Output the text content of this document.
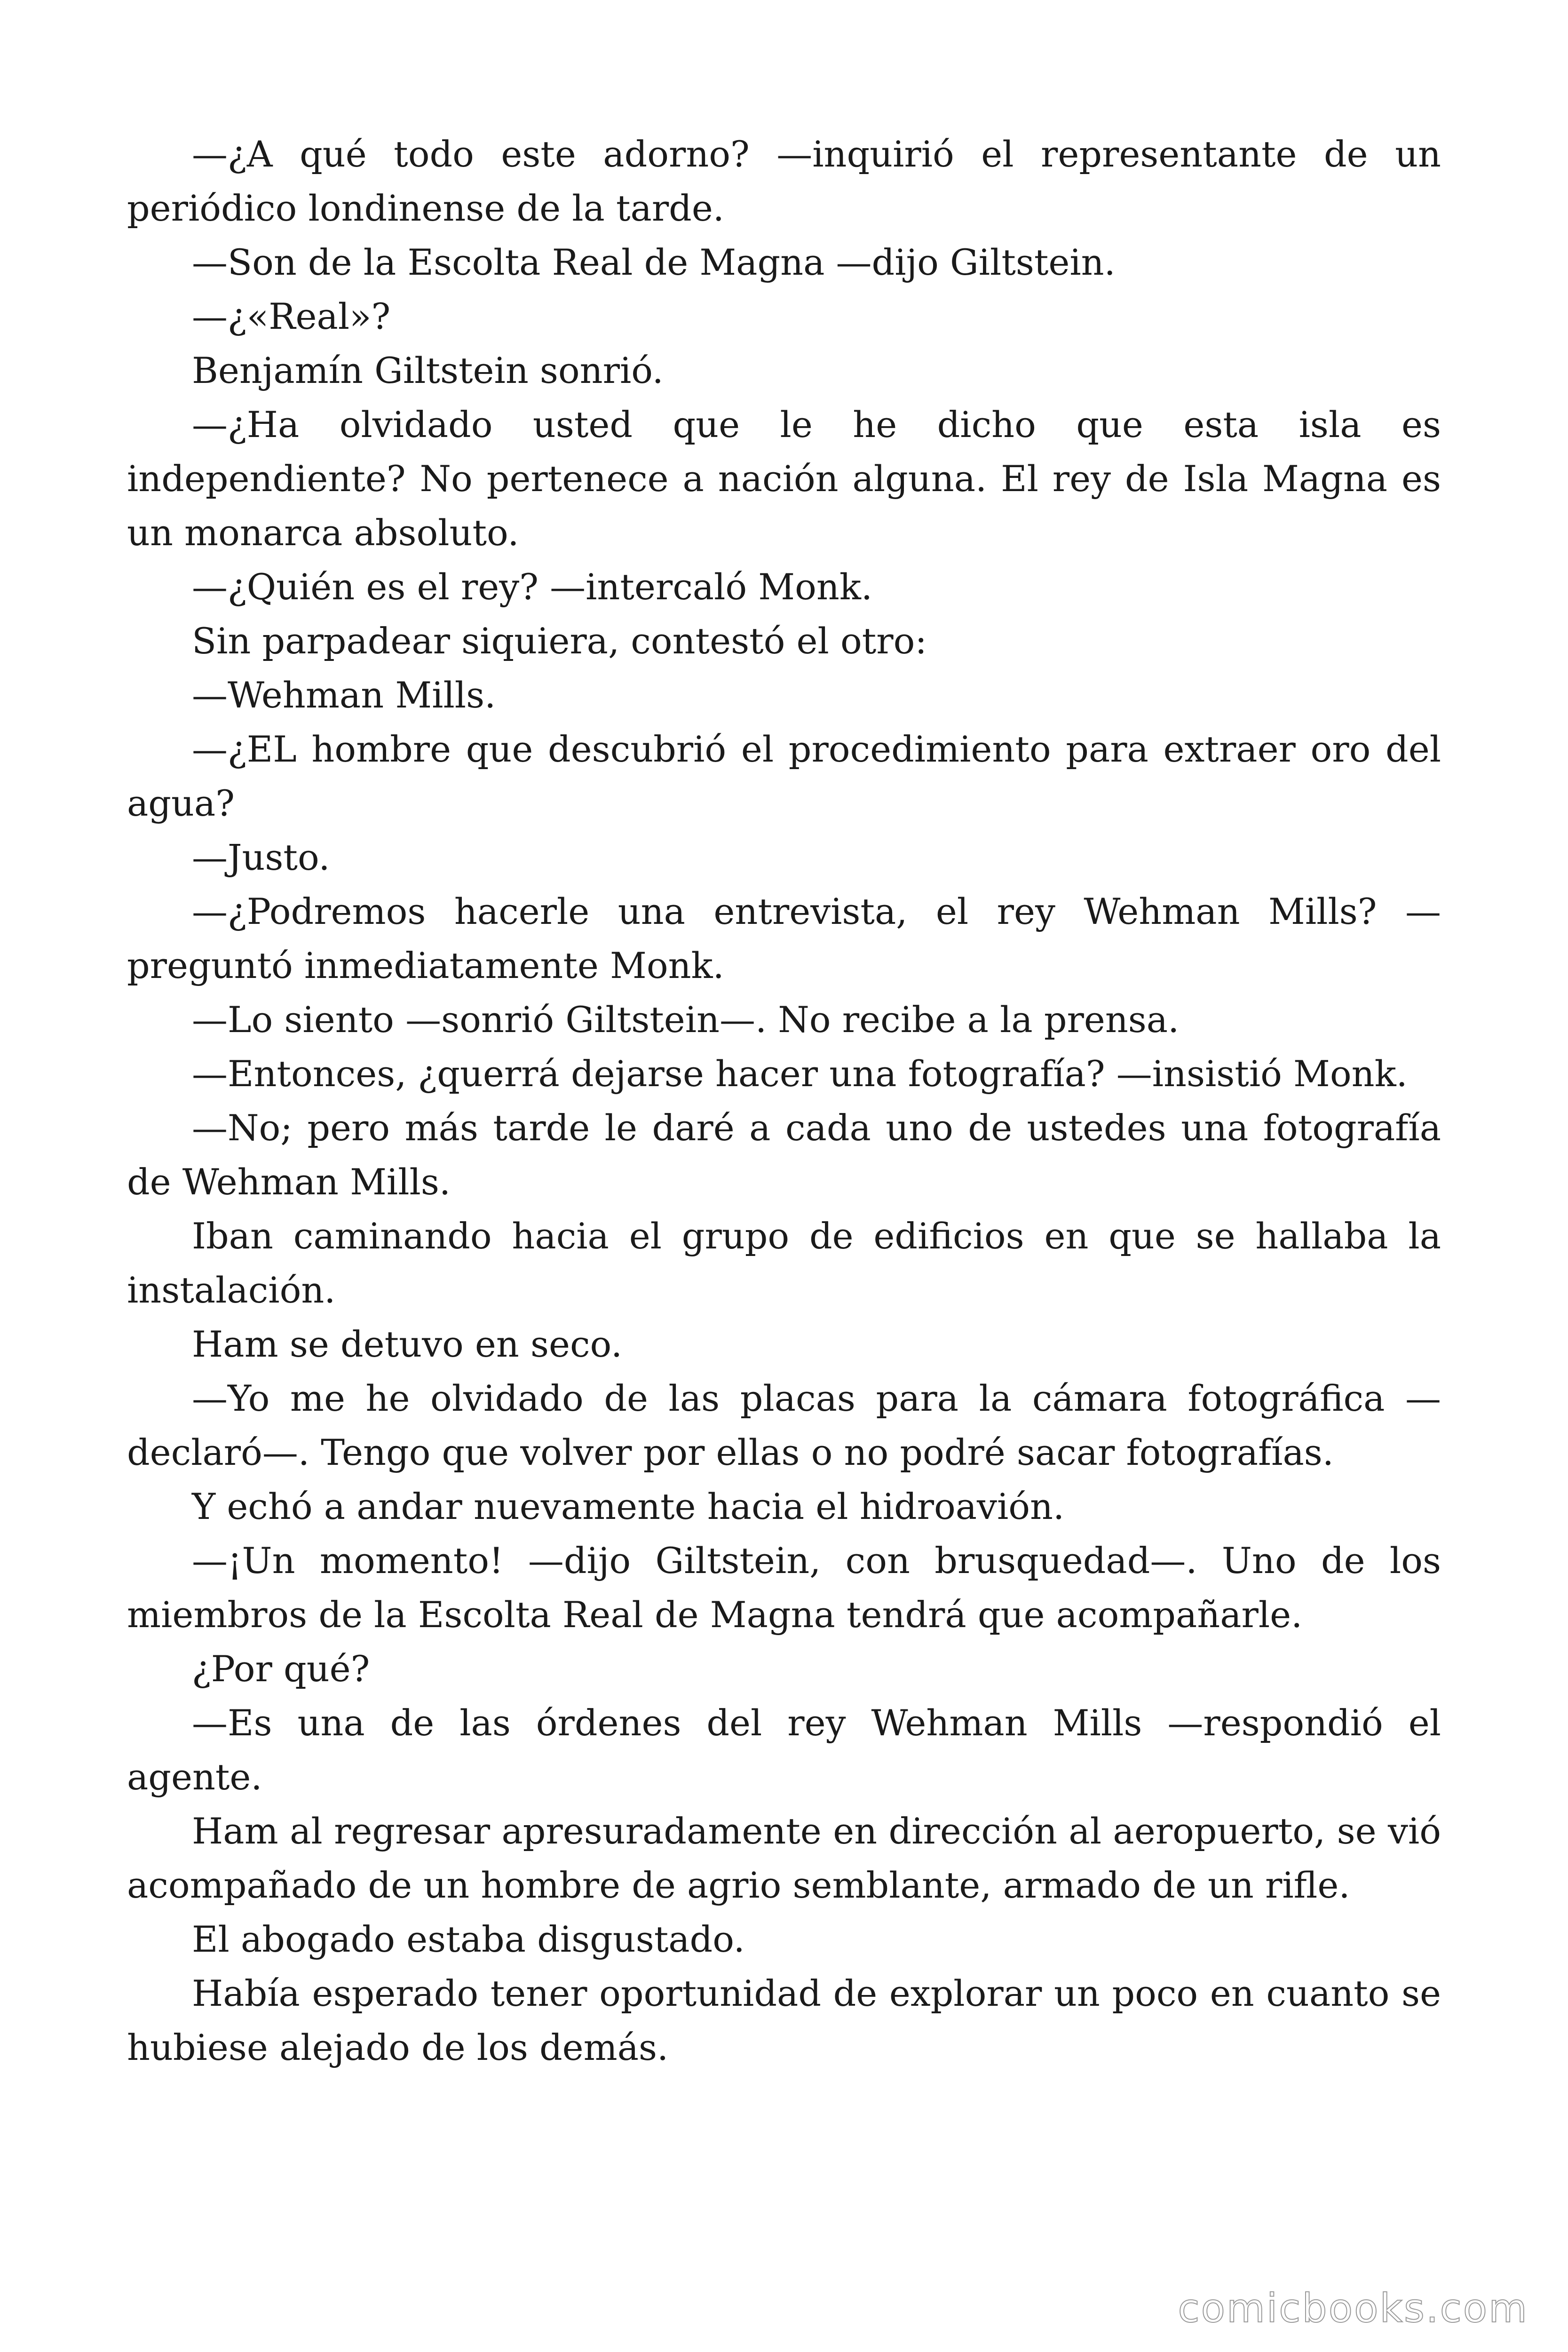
—¿A qué todo este adorno? —inquirió el representante de un periódico londinense de la tarde.

—Son de la Escolta Real de Magna —dijo Giltstein.

—¿«Real»?

Benjamín Giltstein sonrió.

—¿Ha olvidado usted que le he dicho que esta isla es independiente? No pertenece a nación alguna. El rey de Isla Magna es un monarca absoluto.

—¿Quién es el rey? —intercaló Monk.

Sin parpadear siquiera, contestó el otro:

—Wehman Mills.

—¿EL hombre que descubrió el procedimiento para extraer oro del agua?

—Justo.

—¿Podremos hacerle una entrevista, el rey Wehman Mills? —preguntó inmediatamente Monk.

—Lo siento —sonrió Giltstein—. No recibe a la prensa.

—Entonces, ¿querrá dejarse hacer una fotografía? —insistió Monk.

—No; pero más tarde le daré a cada uno de ustedes una fotografía de Wehman Mills.

Iban caminando hacia el grupo de edificios en que se hallaba la instalación.

Ham se detuvo en seco.

—Yo me he olvidado de las placas para la cámara fotográfica —declaró—. Tengo que volver por ellas o no podré sacar fotografías.

Y echó a andar nuevamente hacia el hidroavión.

—¡Un momento! —dijo Giltstein, con brusquedad—. Uno de los miembros de la Escolta Real de Magna tendrá que acompañarle.

¿Por qué?

—Es una de las órdenes del rey Wehman Mills —respondió el agente.

Ham al regresar apresuradamente en dirección al aeropuerto, se vió acompañado de un hombre de agrio semblante, armado de un rifle.

El abogado estaba disgustado.

Había esperado tener oportunidad de explorar un poco en cuanto se hubiese alejado de los demás.

comicbooks.com
